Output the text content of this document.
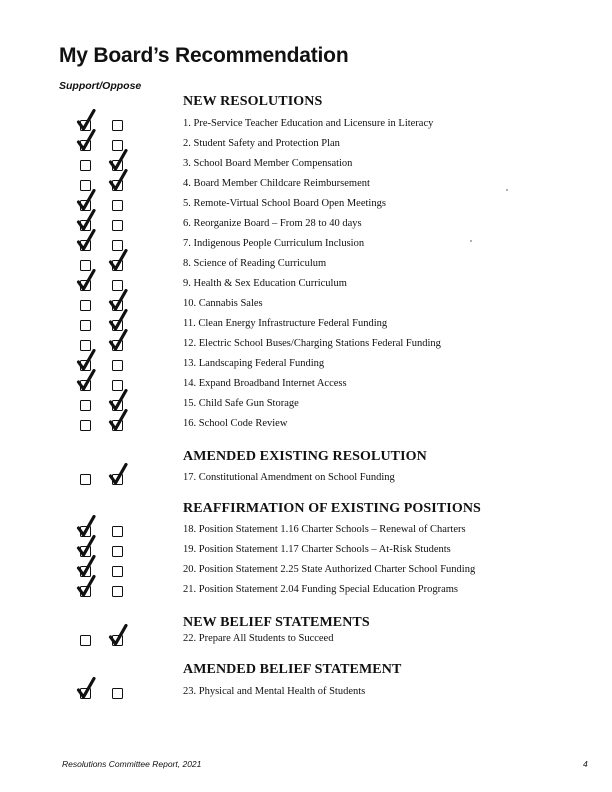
My Board’s Recommendation
Support/Oppose
NEW RESOLUTIONS
1. Pre-Service Teacher Education and Licensure in Literacy
2. Student Safety and Protection Plan
3. School Board Member Compensation
4. Board Member Childcare Reimbursement
5. Remote-Virtual School Board Open Meetings
6. Reorganize Board – From 28 to 40 days
7. Indigenous People Curriculum Inclusion
8. Science of Reading Curriculum
9. Health & Sex Education Curriculum
10. Cannabis Sales
11. Clean Energy Infrastructure Federal Funding
12. Electric School Buses/Charging Stations Federal Funding
13. Landscaping Federal Funding
14. Expand Broadband Internet Access
15. Child Safe Gun Storage
16. School Code Review
AMENDED EXISTING RESOLUTION
17. Constitutional Amendment on School Funding
REAFFIRMATION OF EXISTING POSITIONS
18. Position Statement 1.16 Charter Schools – Renewal of Charters
19. Position Statement 1.17 Charter Schools – At-Risk Students
20. Position Statement 2.25 State Authorized Charter School Funding
21. Position Statement 2.04 Funding Special Education Programs
NEW BELIEF STATEMENTS
22. Prepare All Students to Succeed
AMENDED BELIEF STATEMENT
23. Physical and Mental Health of Students
Resolutions Committee Report, 2021	4
